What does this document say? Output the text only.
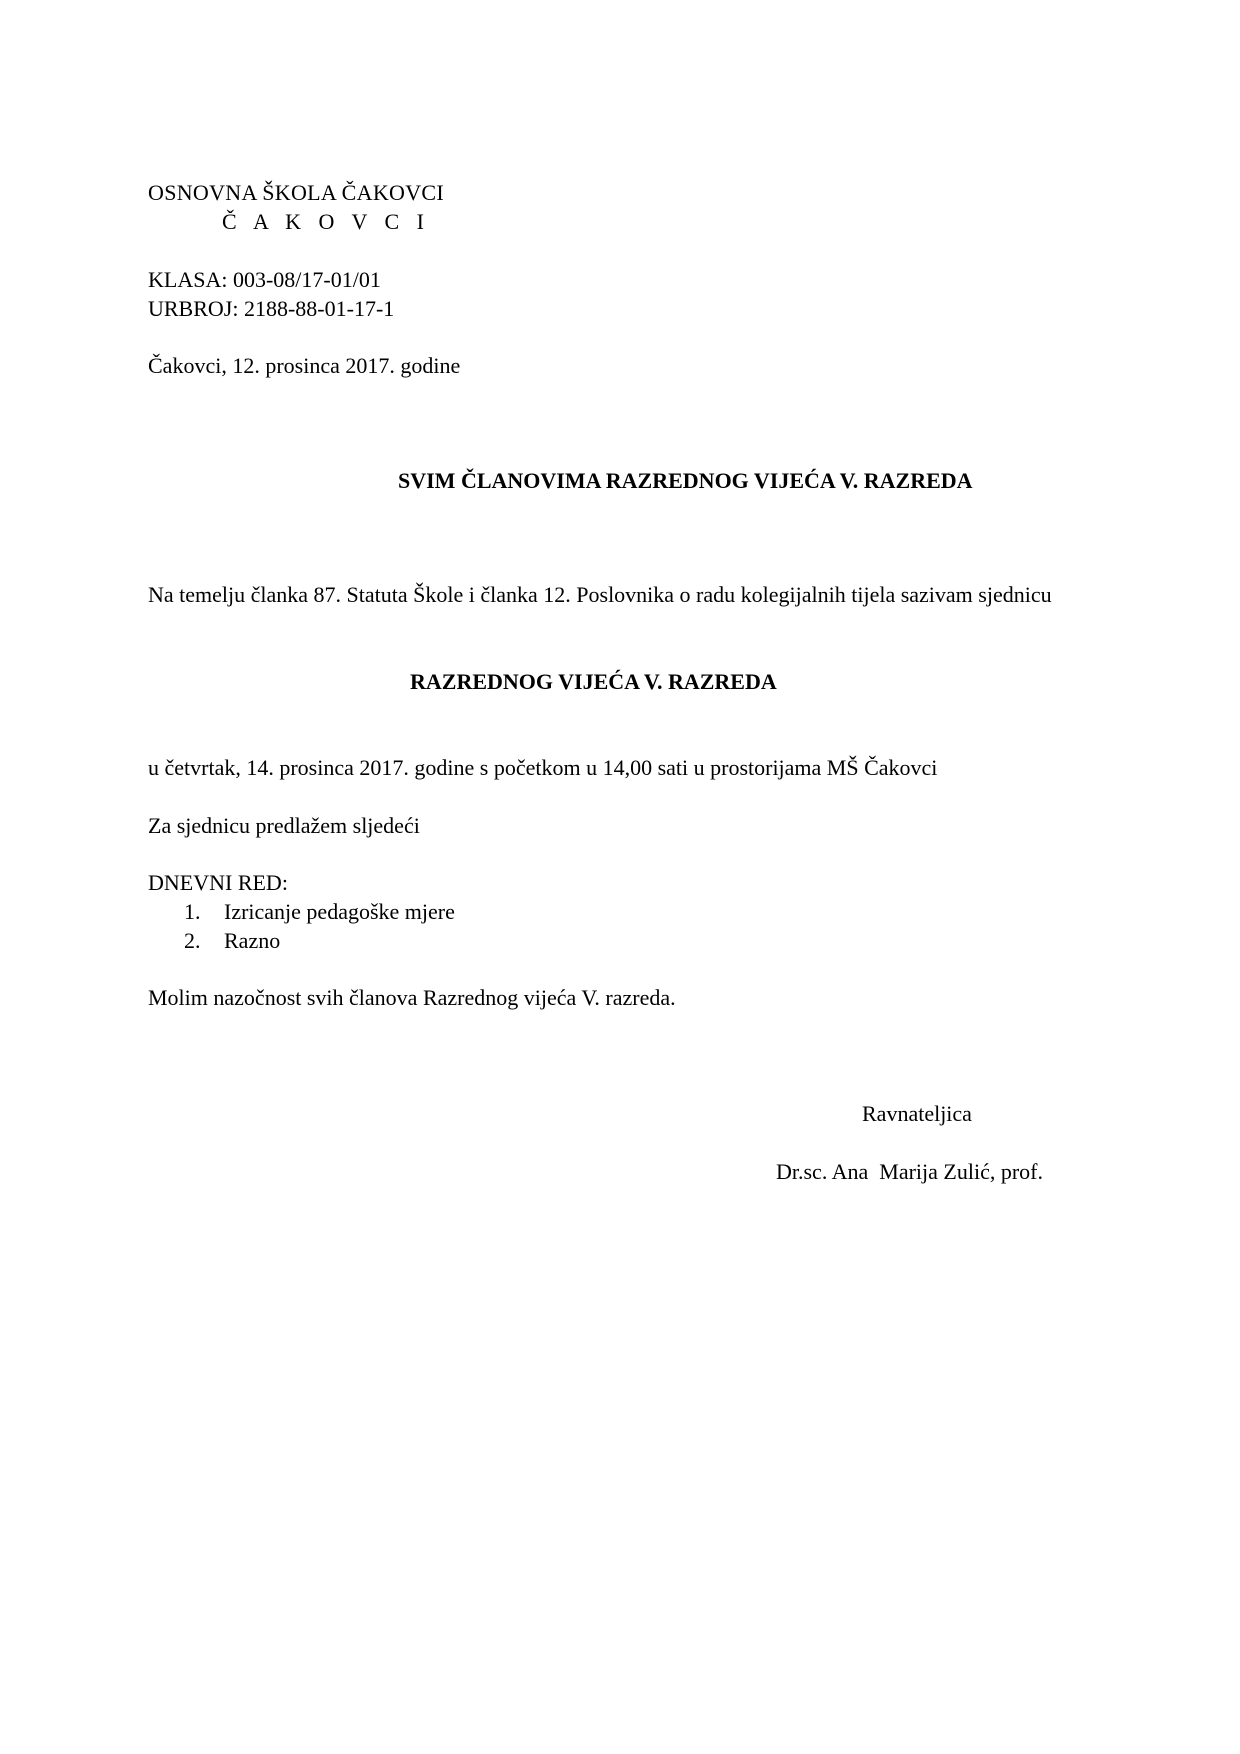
OSNOVNA ŠKOLA ČAKOVCI
Č A K O V C I
KLASA: 003-08/17-01/01
URBROJ: 2188-88-01-17-1
Čakovci, 12. prosinca 2017. godine
SVIM ČLANOVIMA RAZREDNOG VIJEĆA V. RAZREDA
Na temelju članka 87. Statuta Škole i članka 12. Poslovnika o radu kolegijalnih tijela sazivam sjednicu
RAZREDNOG VIJEĆA V. RAZREDA
u četvrtak, 14. prosinca 2017. godine s početkom u 14,00 sati u prostorijama MŠ Čakovci
Za sjednicu predlažem sljedeći
DNEVNI RED:
1. Izricanje pedagoške mjere
2. Razno
Molim nazočnost svih članova Razrednog vijeća V. razreda.
Ravnateljica
Dr.sc. Ana  Marija Zulić, prof.
